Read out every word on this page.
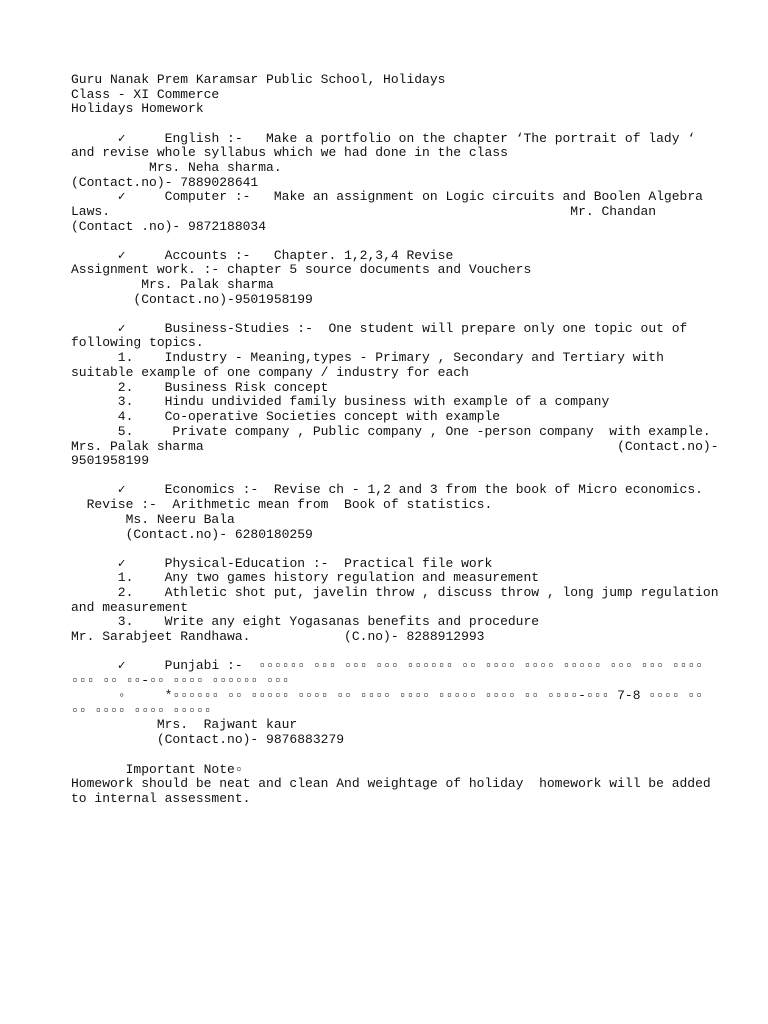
Guru Nanak Prem Karamsar Public School, Holidays
Class - XI Commerce
Holidays Homework
✓     English :-   Make a portfolio on the chapter ‘The portrait of lady ‘
and revise whole syllabus which we had done in the class
Mrs. Neha sharma.
(Contact.no)- 7889028641
✓     Computer :-   Make an assignment on Logic circuits and Boolen Algebra
Laws.                                                           Mr. Chandan
(Contact .no)- 9872188034
✓     Accounts :-   Chapter. 1,2,3,4 Revise
Assignment work. :- chapter 5 source documents and Vouchers
Mrs. Palak sharma
(Contact.no)-9501958199
✓     Business-Studies :-  One student will prepare only one topic out of
following topics.
1.    Industry - Meaning,types - Primary , Secondary and Tertiary with
suitable example of one company / industry for each
2.    Business Risk concept
3.    Hindu undivided family business with example of a company
4.    Co-operative Societies concept with example
5.     Private company , Public company , One -person company  with example.
Mrs. Palak sharma                                                     (Contact.no)-
9501958199
✓     Economics :-  Revise ch - 1,2 and 3 from the book of Micro economics.
Revise :-  Arithmetic mean from  Book of statistics.
Ms. Neeru Bala
(Contact.no)- 6280180259
✓     Physical-Education :-  Practical file work
1.    Any two games history regulation and measurement
2.    Athletic shot put, javelin throw , discuss throw , long jump regulation
and measurement
3.    Write any eight Yogasanas benefits and procedure
Mr. Sarabjeet Randhawa.            (C.no)- 8288912993
✓     Punjabi :-  ▫▫▫▫▫▫ ▫▫▫ ▫▫▫ ▫▫▫ ▫▫▫▫▫▫ ▫▫ ▫▫▫▫ ▫▫▫▫ ▫▫▫▫▫ ▫▫▫ ▫▫▫ ▫▫▫▫
▫▫▫ ▫▫ ▫▫-▫▫ ▫▫▫▫ ▫▫▫▫▫▫ ▫▫▫
◦     *▫▫▫▫▫▫ ▫▫ ▫▫▫▫▫ ▫▫▫▫ ▫▫ ▫▫▫▫ ▫▫▫▫ ▫▫▫▫▫ ▫▫▫▫ ▫▫ ▫▫▫▫-▫▫▫ 7-8 ▫▫▫▫ ▫▫
▫▫ ▫▫▫▫ ▫▫▫▫ ▫▫▫▫▫
Mrs.  Rajwant kaur
(Contact.no)- 9876883279
Important Note▫
Homework should be neat and clean And weightage of holiday  homework will be added
to internal assessment.
